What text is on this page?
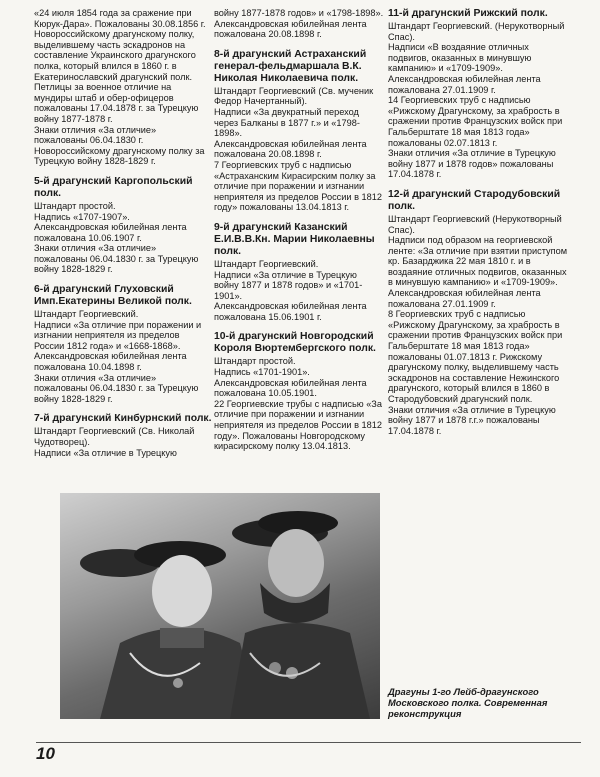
«24 июля 1854 года за сражение при Кюрук-Дара». Пожалованы 30.08.1856 г. Новороссийскому драгунскому полку, выделившему часть эскадронов на составление Украинского драгунского полка, который влился в 1860 г. в Екатеринославский драгунский полк.

Петлицы за военное отличие на мундиры штаб и обер-офицеров пожалованы 17.04.1878 г. за Турецкую войну 1877-1878 г.

Знаки отличия «За отличие» пожалованы 06.04.1830 г.

Новороссийскому драгунскому полку за Турецкую войну 1828-1829 г.

5-й драгунский Каргопольский полк.

Штандарт простой.

Надпись «1707-1907».

Александровская юбилейная лента пожалована 10.06.1907 г.

Знаки отличия «За отличие» пожалованы 06.04.1830 г. за Турецкую войну 1828-1829 г.

6-й драгунский Глуховский Имп.Екатерины Великой полк.

Штандарт Георгиевский.

Надписи «За отличие при поражении и изгнании неприятеля из пределов России 1812 года» и «1668-1868».

Александровская юбилейная лента пожалована 10.04.1898 г.

Знаки отличия «За отличие» пожалованы 06.04.1830 г. за Турецкую войну 1828-1829 г.

7-й драгунский Кинбурнский полк.

Штандарт Георгиевский (Св. Николай Чудотворец).

Надписи «За отличие в Турецкую

войну 1877-1878 годов» и «1798-1898».

Александровская юбилейная лента пожалована 20.08.1898 г.

8-й драгунский Астраханский генерал-фельдмаршала В.К. Николая Николаевича полк.

Штандарт Георгиевский (Св. мученик Федор Начертанный).

Надписи «За двукратный переход через Балканы в 1877 г.» и «1798-1898».

Александровская юбилейная лента пожалована 20.08.1898 г.

7 Георгиевских труб с надписью «Астраханским Кирасирским полку за отличие при поражении и изгнании неприятеля из пределов России в 1812 году» пожалованы 13.04.1813 г.

9-й драгунский Казанский Е.И.В.В.Кн. Марии Николаевны полк.

Штандарт Георгиевский.

Надписи «За отличие в Турецкую войну 1877 и 1878 годов» и «1701-1901».

Александровская юбилейная лента пожалована 15.06.1901 г.

10-й драгунский Новгородский Короля Вюртембергского полк.

Штандарт простой.

Надпись «1701-1901».

Александровская юбилейная лента пожалована 10.05.1901.

22 Георгиевские трубы с надписью «За отличие при поражении и изгнании неприятеля из пределов России в 1812 году». Пожалованы Новгородскому кирасирскому полку 13.04.1813.

11-й драгунский Рижский полк.

Штандарт Георгиевский. (Нерукотворный Спас).

Надписи «В воздаяние отличных подвигов, оказанных в минувшую кампанию» и «1709-1909».

Александровская юбилейная лента пожалована 27.01.1909 г.

14 Георгиевских труб с надписью «Рижскому Драгунскому, за храбрость в сражении против Французских войск при Гальберштате 18 мая 1813 года» пожалованы 02.07.1813 г.

Знаки отличия «За отличие в Турецкую войну 1877 и 1878 годов» пожалованы 17.04.1878 г.

12-й драгунский Стародубовский полк.

Штандарт Георгиевский (Нерукотворный Спас).

Надписи под образом на георгиевской ленте: «За отличие при взятии приступом кр. Базарджика 22 мая 1810 г. и в воздаяние отличных подвигов, оказанных в минувшую кампанию» и «1709-1909».

Александровская юбилейная лента пожалована 27.01.1909 г.

8 Георгиевских труб с надписью «Рижскому Драгунскому, за храбрость в сражении против Французских войск при Гальберштате 18 мая 1813 года» пожалованы 01.07.1813 г. Рижскому драгунскому полку, выделившему часть эскадронов на составление Нежинского драгунского, который влился в 1860 в Стародубовский драгунский полк.

Знаки отличия «За отличие в Турецкую войну 1877 и 1878 г.г.» пожалованы 17.04.1878 г.

Драгуны 1-го Лейб-драгунского Московского полка. Современная реконструкция
10
